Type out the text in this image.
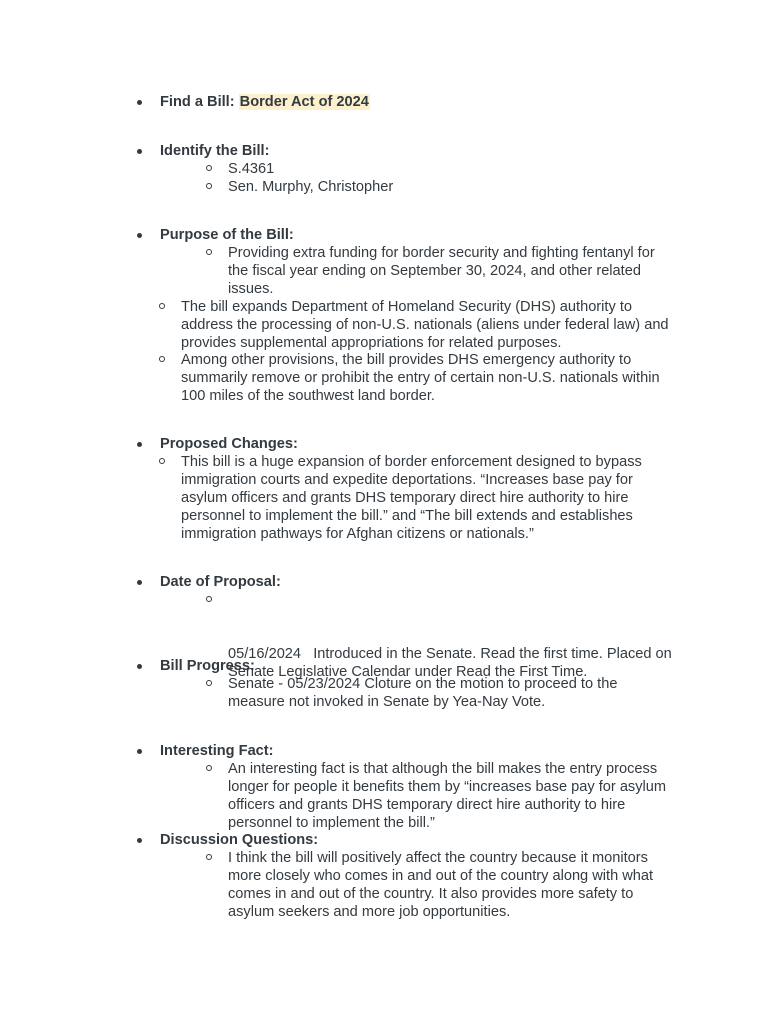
Find a Bill: Border Act of 2024
Identify the Bill:
S.4361
Sen. Murphy, Christopher
Purpose of the Bill:
Providing extra funding for border security and fighting fentanyl for the fiscal year ending on September 30, 2024, and other related issues.
The bill expands Department of Homeland Security (DHS) authority to address the processing of non-U.S. nationals (aliens under federal law) and provides supplemental appropriations for related purposes.
Among other provisions, the bill provides DHS emergency authority to summarily remove or prohibit the entry of certain non-U.S. nationals within 100 miles of the southwest land border.
Proposed Changes:
This bill is a huge expansion of border enforcement designed to bypass immigration courts and expedite deportations. “Increases base pay for asylum officers and grants DHS temporary direct hire authority to hire personnel to implement the bill.” and “The bill extends and establishes immigration pathways for Afghan citizens or nationals.”
Date of Proposal:

05/16/2024   Introduced in the Senate. Read the first time. Placed on Senate Legislative Calendar under Read the First Time.

Bill Progress:
Senate - 05/23/2024 Cloture on the motion to proceed to the measure not invoked in Senate by Yea-Nay Vote.
Interesting Fact:
An interesting fact is that although the bill makes the entry process longer for people it benefits them by “increases base pay for asylum officers and grants DHS temporary direct hire authority to hire personnel to implement the bill.”
Discussion Questions:
I think the bill will positively affect the country because it monitors more closely who comes in and out of the country along with what comes in and out of the country. It also provides more safety to asylum seekers and more job opportunities.
